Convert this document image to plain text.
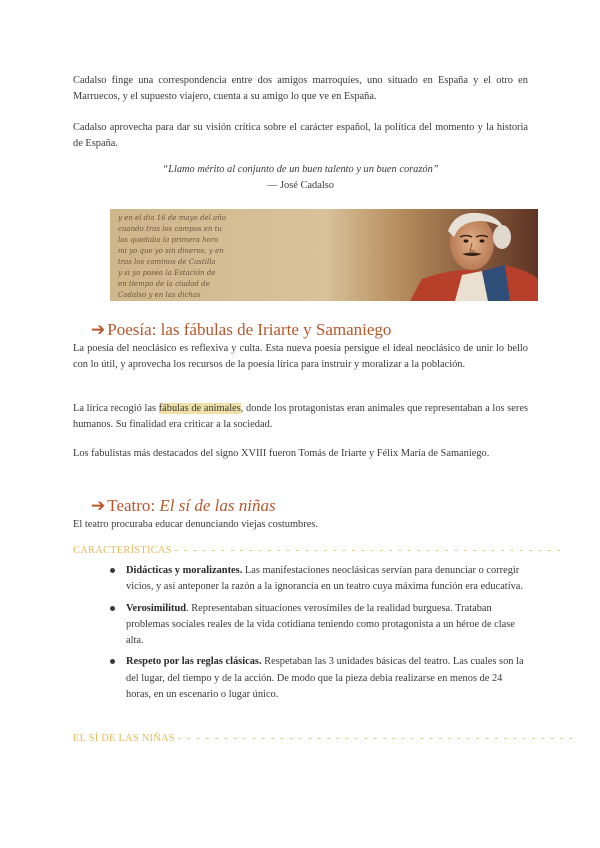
Cadalso finge una correspondencia entre dos amigos marroquíes, uno situado en España y el otro en Marruecos, y el supuesto viajero, cuenta a su amigo lo que ve en España.

Cadalso aprovecha para dar su visión crítica sobre el carácter español, la política del momento y la historia de España.

“Llamo mérito al conjunto de un buen talento y un buen corazón”

— José Cadalso

y en el dia 16 de mayo del año
cuando tras los campos en tu
las quedaba la primera hora
mi yo que yo sin dineros, y en
tras los caminos de Castilla
y si yo posea la Estación de
en tiempo de la ciudad de
Cadalso y en las dichas
➔ Poesía: las fábulas de Iriarte y Samaniego

La poesía del neoclásico es reflexiva y culta. Esta nueva poesía persigue el ideal neoclásico de unir lo bello con lo útil, y aprovecha los recursos de la poesía lírica para instruir y moralizar a la población.

La lírica recogió las fábulas de animales, donde los protagonistas eran animales que representaban a los seres humanos. Su finalidad era criticar a la sociedad.

Los fabulistas más destacados del signo XVIII fueron Tomás de Iriarte y Félix María de Samaniego.

➔ Teatro: El sí de las niñas

El teatro procuraba educar denunciando viejas costumbres.

CARACTERÍSTICAS - - - - - - - - - - - - - - - - - - - - - - - - - - - - - - - - - - - - - - - - - -
Didácticas y moralizantes. Las manifestaciones neoclásicas servían para denunciar o corregir vicios, y así anteponer la razón a la ignorancia en un teatro cuya máxima función era educativa.
Verosimilitud. Representaban situaciones verosímiles de la realidad burguesa. Trataban problemas sociales reales de la vida cotidiana teniendo como protagonista a un héroe de clase alta.
Respeto por las reglas clásicas. Respetaban las 3 unidades básicas del teatro. Las cuales son la del lugar, del tiempo y de la acción. De modo que la pieza debía realizarse en menos de 24 horas, en un escenario o lugar único.
EL SÍ DE LAS NIÑAS - - - - - - - - - - - - - - - - - - - - - - - - - - - - - - - - - - - - - - - - - - -
